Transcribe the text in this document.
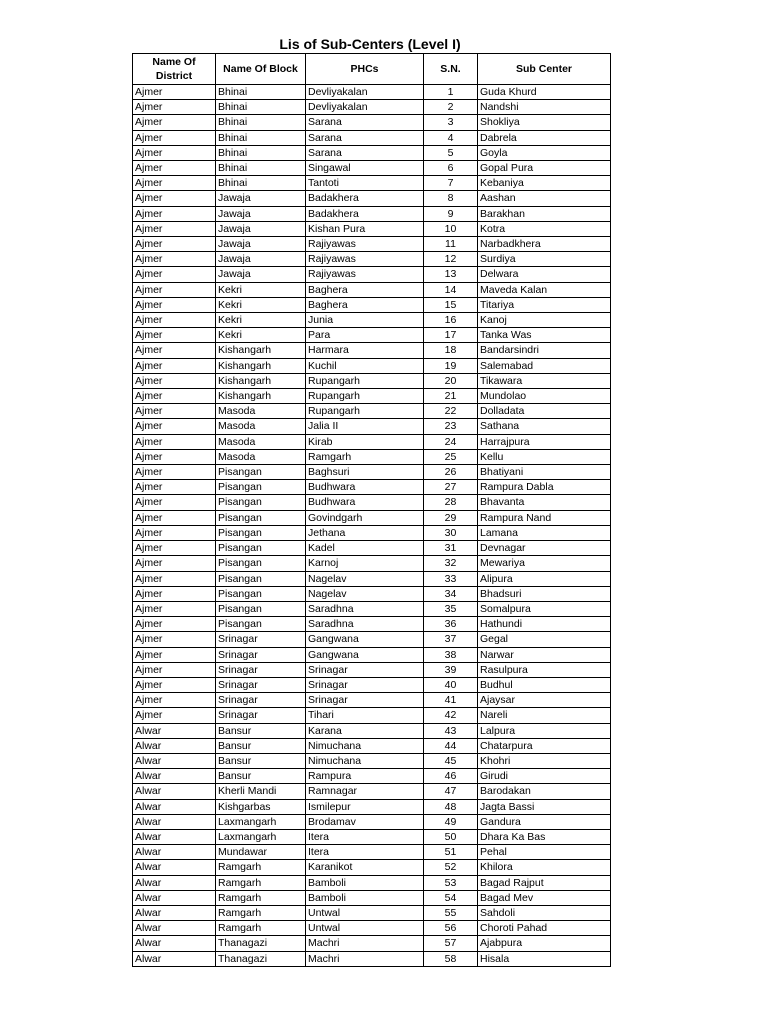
Lis of Sub-Centers (Level I)
Name Of District	Name Of Block	PHCs	S.N.	Sub Center
Ajmer	Bhinai	Devliyakalan	1	Guda Khurd
Ajmer	Bhinai	Devliyakalan	2	Nandshi
Ajmer	Bhinai	Sarana	3	Shokliya
Ajmer	Bhinai	Sarana	4	Dabrela
Ajmer	Bhinai	Sarana	5	Goyla
Ajmer	Bhinai	Singawal	6	Gopal Pura
Ajmer	Bhinai	Tantoti	7	Kebaniya
Ajmer	Jawaja	Badakhera	8	Aashan
Ajmer	Jawaja	Badakhera	9	Barakhan
Ajmer	Jawaja	Kishan Pura	10	Kotra
Ajmer	Jawaja	Rajiyawas	11	Narbadkhera
Ajmer	Jawaja	Rajiyawas	12	Surdiya
Ajmer	Jawaja	Rajiyawas	13	Delwara
Ajmer	Kekri	Baghera	14	Maveda Kalan
Ajmer	Kekri	Baghera	15	Titariya
Ajmer	Kekri	Junia	16	Kanoj
Ajmer	Kekri	Para	17	Tanka Was
Ajmer	Kishangarh	Harmara	18	Bandarsindri
Ajmer	Kishangarh	Kuchil	19	Salemabad
Ajmer	Kishangarh	Rupangarh	20	Tikawara
Ajmer	Kishangarh	Rupangarh	21	Mundolao
Ajmer	Masoda	Rupangarh	22	Dolladata
Ajmer	Masoda	Jalia II	23	Sathana
Ajmer	Masoda	Kirab	24	Harrajpura
Ajmer	Masoda	Ramgarh	25	Kellu
Ajmer	Pisangan	Baghsuri	26	Bhatiyani
Ajmer	Pisangan	Budhwara	27	Rampura Dabla
Ajmer	Pisangan	Budhwara	28	Bhavanta
Ajmer	Pisangan	Govindgarh	29	Rampura Nand
Ajmer	Pisangan	Jethana	30	Lamana
Ajmer	Pisangan	Kadel	31	Devnagar
Ajmer	Pisangan	Karnoj	32	Mewariya
Ajmer	Pisangan	Nagelav	33	Alipura
Ajmer	Pisangan	Nagelav	34	Bhadsuri
Ajmer	Pisangan	Saradhna	35	Somalpura
Ajmer	Pisangan	Saradhna	36	Hathundi
Ajmer	Srinagar	Gangwana	37	Gegal
Ajmer	Srinagar	Gangwana	38	Narwar
Ajmer	Srinagar	Srinagar	39	Rasulpura
Ajmer	Srinagar	Srinagar	40	Budhul
Ajmer	Srinagar	Srinagar	41	Ajaysar
Ajmer	Srinagar	Tihari	42	Nareli
Alwar	Bansur	Karana	43	Lalpura
Alwar	Bansur	Nimuchana	44	Chatarpura
Alwar	Bansur	Nimuchana	45	Khohri
Alwar	Bansur	Rampura	46	Girudi
Alwar	Kherli Mandi	Ramnagar	47	Barodakan
Alwar	Kishgarbas	Ismilepur	48	Jagta Bassi
Alwar	Laxmangarh	Brodamav	49	Gandura
Alwar	Laxmangarh	Itera	50	Dhara Ka Bas
Alwar	Mundawar	Itera	51	Pehal
Alwar	Ramgarh	Karanikot	52	Khilora
Alwar	Ramgarh	Bamboli	53	Bagad Rajput
Alwar	Ramgarh	Bamboli	54	Bagad Mev
Alwar	Ramgarh	Untwal	55	Sahdoli
Alwar	Ramgarh	Untwal	56	Choroti Pahad
Alwar	Thanagazi	Machri	57	Ajabpura
Alwar	Thanagazi	Machri	58	Hisala
